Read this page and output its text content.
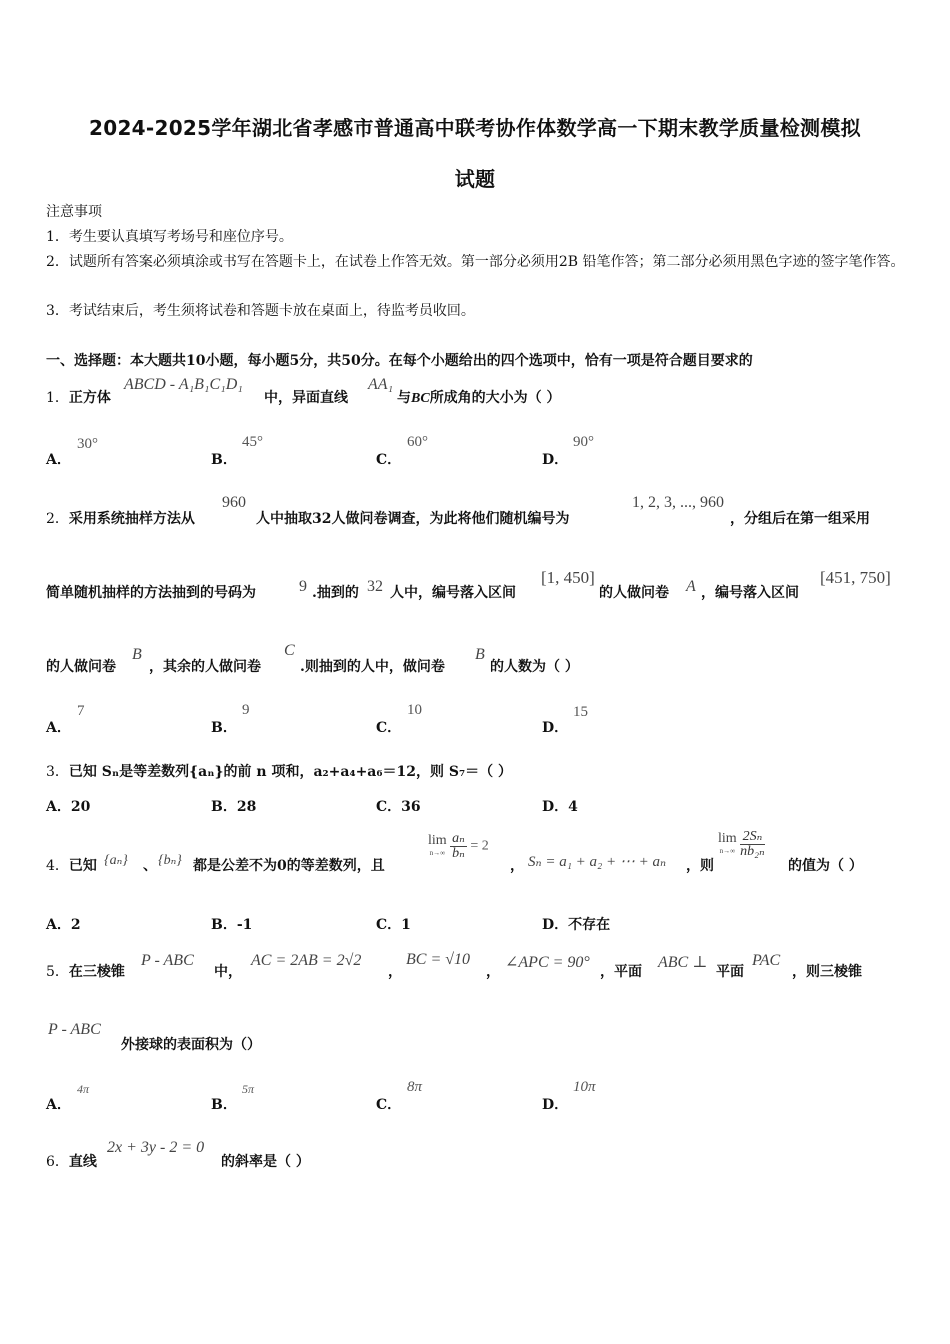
2024-2025学年湖北省孝感市普通高中联考协作体数学高一下期末教学质量检测模拟
试题
注意事项
1．考生要认真填写考场号和座位序号。
2．试题所有答案必须填涂或书写在答题卡上，在试卷上作答无效。第一部分必须用2B 铅笔作答；第二部分必须用黑色字迹的签字笔作答。
3．考试结束后，考生须将试卷和答题卡放在桌面上，待监考员收回。
一、选择题：本大题共10小题，每小题5分，共50分。在每个小题给出的四个选项中，恰有一项是符合题目要求的
1．正方体
ABCD - A₁B₁C₁D₁
中，异面直线
AA₁
与BC所成角的大小为（ ）
A．
30°
B．
45°
C．
60°
D．
90°
2．采用系统抽样方法从
960
人中抽取32人做问卷调查，为此将他们随机编号为
1, 2, 3, ..., 960
，分组后在第一组采用
简单随机抽样的方法抽到的号码为	9 .抽到的 32 人中，编号落入区间
[1, 450]
的人做问卷 A ，编号落入区间
[451, 750]
的人做问卷
B
，其余的人做问卷
C
.则抽到的人中，做问卷
B
的人数为（ ）
A．
7
B．
9
C．
10
D．
15
3．已知 Sₙ是等差数列{aₙ}的前 n 项和，a₂+a₄+a₆＝12，则 S₇＝（ ）
A．20	B．28	C．36	D．4
4．已知 {aₙ} 、 {bₙ} 都是公差不为0的等差数列，且
lim
n→∞
$\frac{\text{aₙ}}{\text{bₙ}} = 2$
， Sₙ = a₁ + a₂ + ⋯ + aₙ ，则
lim
n→∞
$\frac{\text{2Sₙ}}{\text{nb₂ₙ}}$
的值为（ ）
A．2	B．-1	C．1	D．不存在
5．在三棱锥
P - ABC
中，
AC = 2AB = 2√2
，
BC = √10
，
∠APC = 90°
，平面
ABC ⊥
平面
PAC
，则三棱锥
P - ABC
外接球的表面积为（）
A．
4π
B．
5π
C．
8π
D．
10π
6．直线
2x + 3y - 2 = 0
的斜率是（ ）
